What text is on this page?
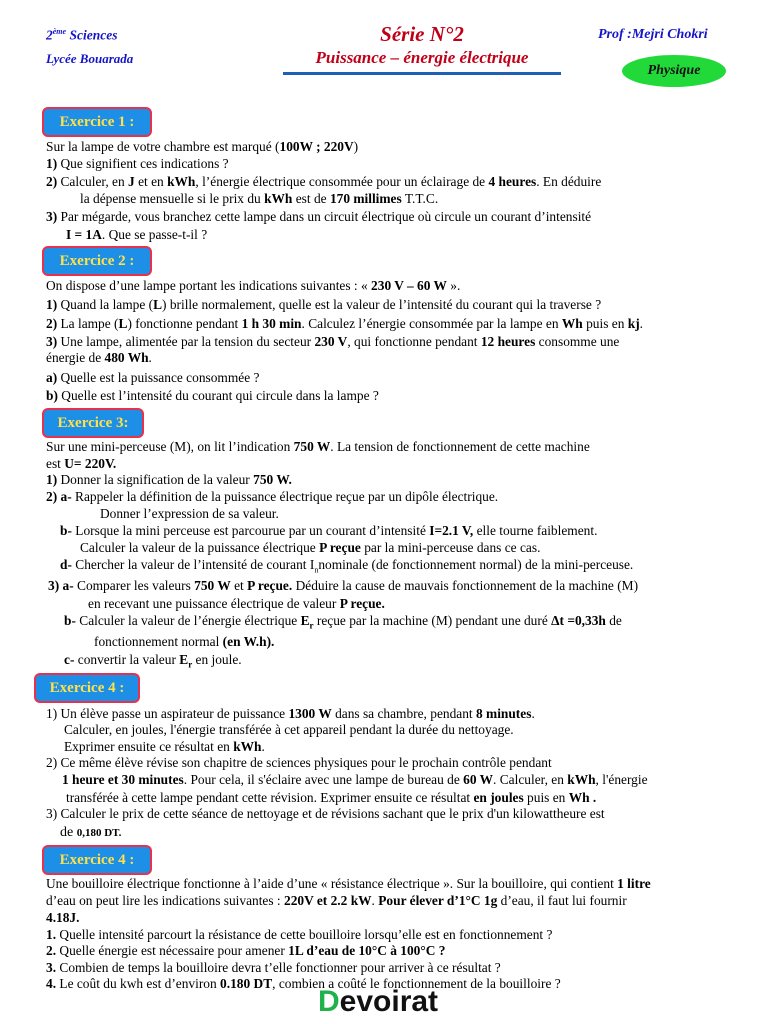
2ème Sciences
Lycée Bouarada
Série N°2
Puissance – énergie électrique
Prof :Mejri Chokri
Physique
Exercice 1 :
Sur la lampe de votre chambre est marqué (100W ; 220V)
1) Que signifient ces indications ?
2) Calculer, en J et en kWh, l’énergie électrique consommée pour un éclairage de 4 heures. En déduire
la dépense mensuelle si le prix du kWh est de 170 millimes T.T.C.
3) Par mégarde, vous branchez cette lampe dans un circuit électrique où circule un courant d’intensité
I = 1A. Que se passe-t-il ?
Exercice 2 :
On dispose d’une lampe portant les indications suivantes : « 230 V – 60 W ».
1) Quand la lampe (L) brille normalement, quelle est la valeur de l’intensité du courant qui la traverse ?
2) La lampe (L) fonctionne pendant 1 h 30 min. Calculez l’énergie consommée par la lampe en Wh puis en kj.
3) Une lampe, alimentée par la tension du secteur 230 V, qui fonctionne pendant 12 heures consomme une
énergie de 480 Wh.
a) Quelle est la puissance consommée ?
b) Quelle est l’intensité du courant qui circule dans la lampe ?
Exercice 3:
Sur une mini-perceuse (M), on lit l’indication 750 W. La tension de fonctionnement de cette machine
est U= 220V.
1) Donner la signification de la valeur 750 W.
2) a- Rappeler la définition de la puissance électrique reçue par un dipôle électrique.
Donner l’expression de sa valeur.
b- Lorsque la mini perceuse est parcourue par un courant d’intensité I=2.1 V, elle tourne faiblement.
Calculer la valeur de la puissance électrique P reçue par la mini-perceuse dans ce cas.
d- Chercher la valeur de l’intensité de courant $I_nnominale$ (de fonctionnement normal) de la mini-perceuse.
3) a- Comparer les valeurs 750 W et P reçue. Déduire la cause de mauvais fonctionnement de la machine (M)
en recevant une puissance électrique de valeur P reçue.
b- Calculer la valeur de l’énergie électrique $E_r$ reçue par la machine (M) pendant une duré Δt =0,33h de
fonctionnement normal (en W.h).
c- convertir la valeur $E_r$ en joule.
Exercice 4 :
1) Un élève passe un aspirateur de puissance 1300 W dans sa chambre, pendant 8 minutes.
Calculer, en joules, l'énergie transférée à cet appareil pendant la durée du nettoyage.
Exprimer ensuite ce résultat en kWh.
2) Ce même élève révise son chapitre de sciences physiques pour le prochain contrôle pendant
1 heure et 30 minutes. Pour cela, il s'éclaire avec une lampe de bureau de 60 W. Calculer, en kWh, l'énergie
transférée à cette lampe pendant cette révision. Exprimer ensuite ce résultat en joules puis en Wh .
3) Calculer le prix de cette séance de nettoyage et de révisions sachant que le prix d'un kilowattheure est
de 0,180 DT.
Exercice 4 :
Une bouilloire électrique fonctionne à l’aide d’une « résistance électrique ». Sur la bouilloire, qui contient 1 litre
d’eau on peut lire les indications suivantes : 220V et 2.2 kW. Pour élever d’1°C 1g d’eau, il faut lui fournir
4.18J.
1. Quelle intensité parcourt la résistance de cette bouilloire lorsqu’elle est en fonctionnement ?
2. Quelle énergie est nécessaire pour amener 1L d’eau de 10°C à 100°C ?
3. Combien de temps la bouilloire devra t’elle fonctionner pour arriver à ce résultat ?
4. Le coût du kwh est d’environ 0.180 DT, combien a coûté le fonctionnement de la bouilloire ?
Devoirat
